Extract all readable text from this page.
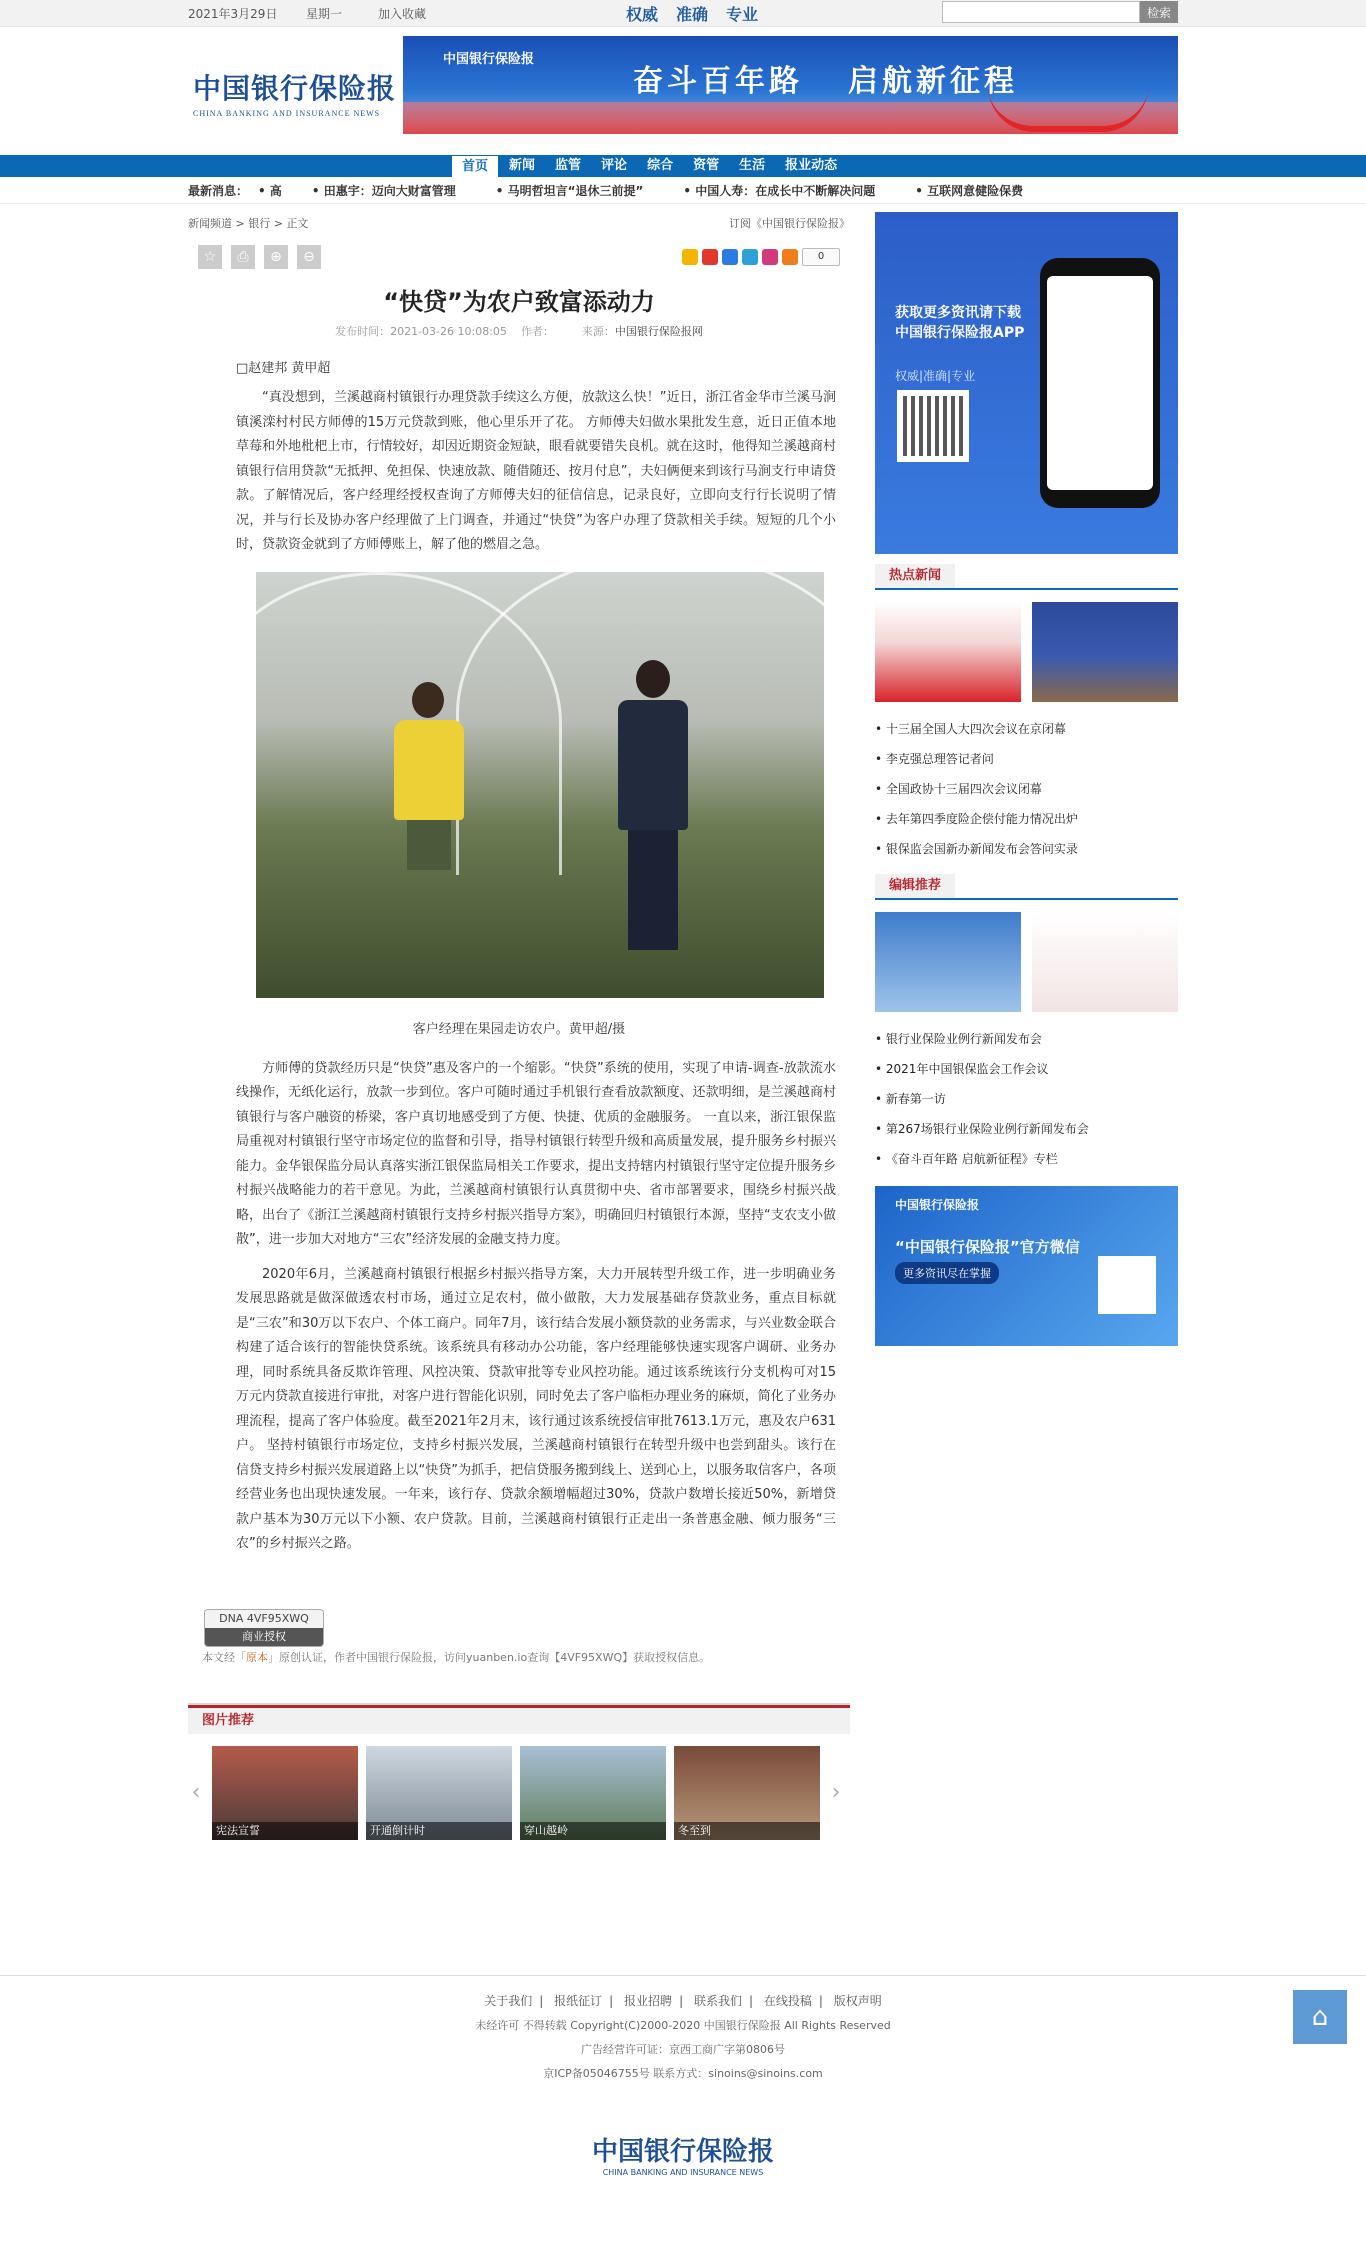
2021年3月29日	星期一	加入收藏	权威 准确 专业	检索
中国银行保险报
CHINA BANKING AND INSURANCE NEWS
中国银行保险报
奋斗百年路 启航新征程
首页	新闻	监管	评论	综合	资管	生活	报业动态
最新消息：	• 高	• 田惠宇：迈向大财富管理	• 马明哲坦言“退休三前提”	• 中国人寿：在成长中不断解决问题	• 互联网意健险保费
新闻频道 > 银行 > 正文	订阅《中国银行保险报》
☆	⎙	⊕	⊖	0
“快贷”为农户致富添动力
发布时间：2021-03-26 10:08:05 作者：	来源：中国银行保险报网
□赵建邦 黄甲超

“真没想到，兰溪越商村镇银行办理贷款手续这么方便，放款这么快！”近日，浙江省金华市兰溪马涧镇溪滦村村民方师傅的15万元贷款到账，他心里乐开了花。 方师傅夫妇做水果批发生意，近日正值本地草莓和外地枇杷上市，行情较好，却因近期资金短缺，眼看就要错失良机。就在这时，他得知兰溪越商村镇银行信用贷款“无抵押、免担保、快速放款、随借随还、按月付息”，夫妇俩便来到该行马涧支行申请贷款。了解情况后，客户经理经授权查询了方师傅夫妇的征信信息，记录良好，立即向支行行长说明了情况，并与行长及协办客户经理做了上门调查，并通过“快贷”为客户办理了贷款相关手续。短短的几个小时，贷款资金就到了方师傅账上，解了他的燃眉之急。

客户经理在果园走访农户。黄甲超/摄

方师傅的贷款经历只是“快贷”惠及客户的一个缩影。“快贷”系统的使用，实现了申请-调查-放款流水线操作，无纸化运行，放款一步到位。客户可随时通过手机银行查看放款额度、还款明细，是兰溪越商村镇银行与客户融资的桥梁，客户真切地感受到了方便、快捷、优质的金融服务。 一直以来，浙江银保监局重视对村镇银行坚守市场定位的监督和引导，指导村镇银行转型升级和高质量发展，提升服务乡村振兴能力。金华银保监分局认真落实浙江银保监局相关工作要求，提出支持辖内村镇银行坚守定位提升服务乡村振兴战略能力的若干意见。为此，兰溪越商村镇银行认真贯彻中央、省市部署要求，围绕乡村振兴战略，出台了《浙江兰溪越商村镇银行支持乡村振兴指导方案》，明确回归村镇银行本源，坚持“支农支小做散”，进一步加大对地方“三农”经济发展的金融支持力度。

2020年6月，兰溪越商村镇银行根据乡村振兴指导方案，大力开展转型升级工作，进一步明确业务发展思路就是做深做透农村市场，通过立足农村，做小做散，大力发展基础存贷款业务，重点目标就是“三农”和30万以下农户、个体工商户。同年7月，该行结合发展小额贷款的业务需求，与兴业数金联合构建了适合该行的智能快贷系统。该系统具有移动办公功能，客户经理能够快速实现客户调研、业务办理，同时系统具备反欺诈管理、风控决策、贷款审批等专业风控功能。通过该系统该行分支机构可对15万元内贷款直接进行审批，对客户进行智能化识别，同时免去了客户临柜办理业务的麻烦，简化了业务办理流程，提高了客户体验度。截至2021年2月末，该行通过该系统授信审批7613.1万元，惠及农户631户。 坚持村镇银行市场定位，支持乡村振兴发展，兰溪越商村镇银行在转型升级中也尝到甜头。该行在信贷支持乡村振兴发展道路上以“快贷”为抓手，把信贷服务搬到线上、送到心上，以服务取信客户，各项经营业务也出现快速发展。一年来，该行存、贷款余额增幅超过30%，贷款户数增长接近50%，新增贷款户基本为30万元以下小额、农户贷款。目前，兰溪越商村镇银行正走出一条普惠金融、倾力服务“三农”的乡村振兴之路。

DNA 4VF95XWQ
商业授权
本文经「原本」原创认证，作者中国银行保险报，访问yuanben.io查询【4VF95XWQ】获取授权信息。
图片推荐
‹
宪法宣誓	开通倒计时	穿山越岭	冬至到
›
获取更多资讯请下载
中国银行保险报APP
权威|准确|专业
热点新闻
• 十三届全国人大四次会议在京闭幕
• 李克强总理答记者问
• 全国政协十三届四次会议闭幕
• 去年第四季度险企偿付能力情况出炉
• 银保监会国新办新闻发布会答问实录
编辑推荐
• 银行业保险业例行新闻发布会
• 2021年中国银保监会工作会议
• 新春第一访
• 第267场银行业保险业例行新闻发布会
• 《奋斗百年路 启航新征程》专栏
中国银行保险报
“中国银行保险报”官方微信
更多资讯尽在掌握
关于我们 | 报纸征订 | 报业招聘 | 联系我们 | 在线投稿 | 版权声明
未经许可 不得转载 Copyright(C)2000-2020 中国银行保险报 All Rights Reserved
广告经营许可证：京西工商广字第0806号
京ICP备05046755号 联系方式：sinoins@sinoins.com
中国银行保险报
CHINA BANKING AND INSURANCE NEWS
⌂
